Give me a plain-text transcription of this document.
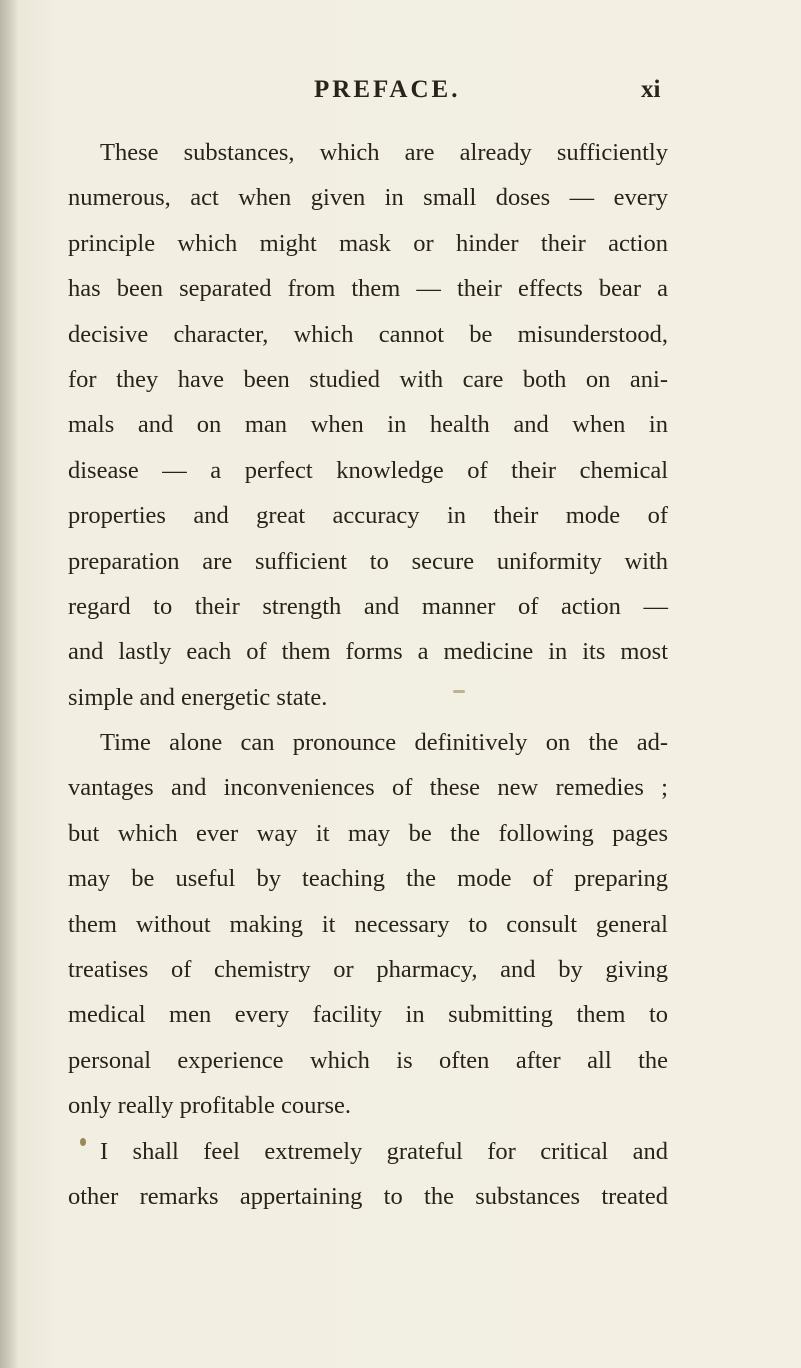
PREFACE.	xi
These substances, which are already sufficiently
numerous, act when given in small doses — every
principle which might mask or hinder their action
has been separated from them — their effects bear a
decisive character, which cannot be misunderstood,
for they have been studied with care both on ani-
mals and on man when in health and when in
disease — a perfect knowledge of their chemical
properties and great accuracy in their mode of
preparation are sufficient to secure uniformity with
regard to their strength and manner of action —
and lastly each of them forms a medicine in its most
simple and energetic state.
Time alone can pronounce definitively on the ad-
vantages and inconveniences of these new remedies ;
but which ever way it may be the following pages
may be useful by teaching the mode of preparing
them without making it necessary to consult general
treatises of chemistry or pharmacy, and by giving
medical men every facility in submitting them to
personal experience which is often after all the
only really profitable course.
I shall feel extremely grateful for critical and
other remarks appertaining to the substances treated
